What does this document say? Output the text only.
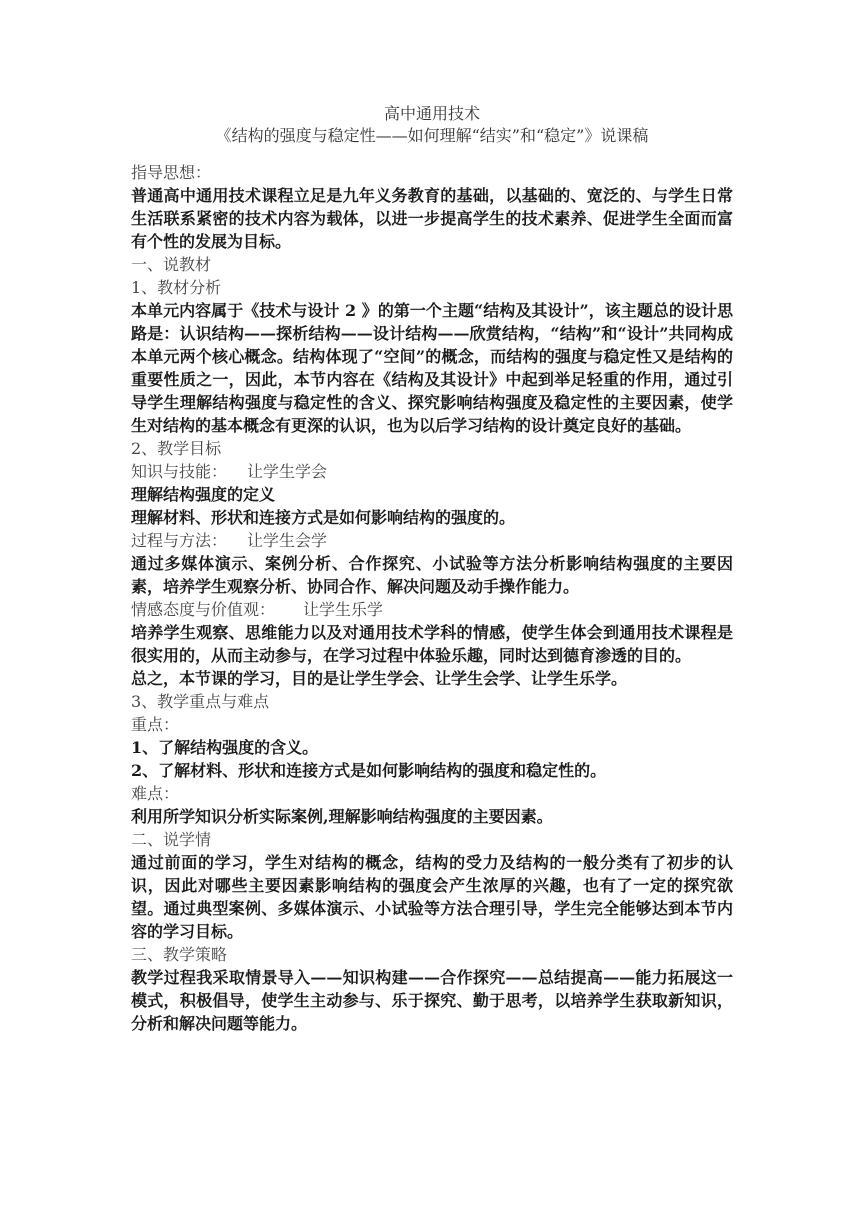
高中通用技术

《结构的强度与稳定性——如何理解“结实”和“稳定”》说课稿

指导思想：

普通高中通用技术课程立足是九年义务教育的基础，以基础的、宽泛的、与学生日常生活联系紧密的技术内容为载体，以进一步提高学生的技术素养、促进学生全面而富有个性的发展为目标。

一、说教材

1、教材分析

本单元内容属于《技术与设计 2 》的第一个主题“结构及其设计”，该主题总的设计思路是：认识结构——探析结构——设计结构——欣赏结构，“结构”和“设计”共同构成本单元两个核心概念。结构体现了“空间”的概念，而结构的强度与稳定性又是结构的重要性质之一，因此，本节内容在《结构及其设计》中起到举足轻重的作用，通过引导学生理解结构强度与稳定性的含义、探究影响结构强度及稳定性的主要因素，使学生对结构的基本概念有更深的认识，也为以后学习结构的设计奠定良好的基础。

2、教学目标

知识与技能： 让学生学会

理解结构强度的定义

理解材料、形状和连接方式是如何影响结构的强度的。

过程与方法： 让学生会学

通过多媒体演示、案例分析、合作探究、小试验等方法分析影响结构强度的主要因素，培养学生观察分析、协同合作、解决问题及动手操作能力。

情感态度与价值观： 让学生乐学

培养学生观察、思维能力以及对通用技术学科的情感，使学生体会到通用技术课程是很实用的，从而主动参与，在学习过程中体验乐趣，同时达到德育渗透的目的。

总之，本节课的学习，目的是让学生学会、让学生会学、让学生乐学。

3、教学重点与难点

重点：

1、了解结构强度的含义。

2、了解材料、形状和连接方式是如何影响结构的强度和稳定性的。

难点：

利用所学知识分析实际案例,理解影响结构强度的主要因素。

二、说学情

通过前面的学习，学生对结构的概念，结构的受力及结构的一般分类有了初步的认识，因此对哪些主要因素影响结构的强度会产生浓厚的兴趣，也有了一定的探究欲望。通过典型案例、多媒体演示、小试验等方法合理引导，学生完全能够达到本节内容的学习目标。

三、教学策略

教学过程我采取情景导入——知识构建——合作探究——总结提高——能力拓展这一模式，积极倡导，使学生主动参与、乐于探究、勤于思考，以培养学生获取新知识，分析和解决问题等能力。
